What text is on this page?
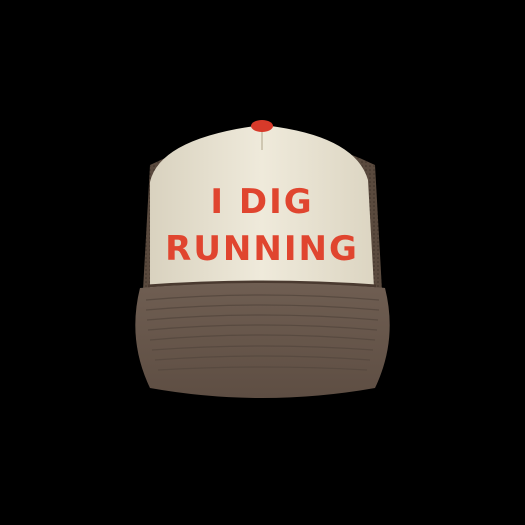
I DIG
RUNNING
